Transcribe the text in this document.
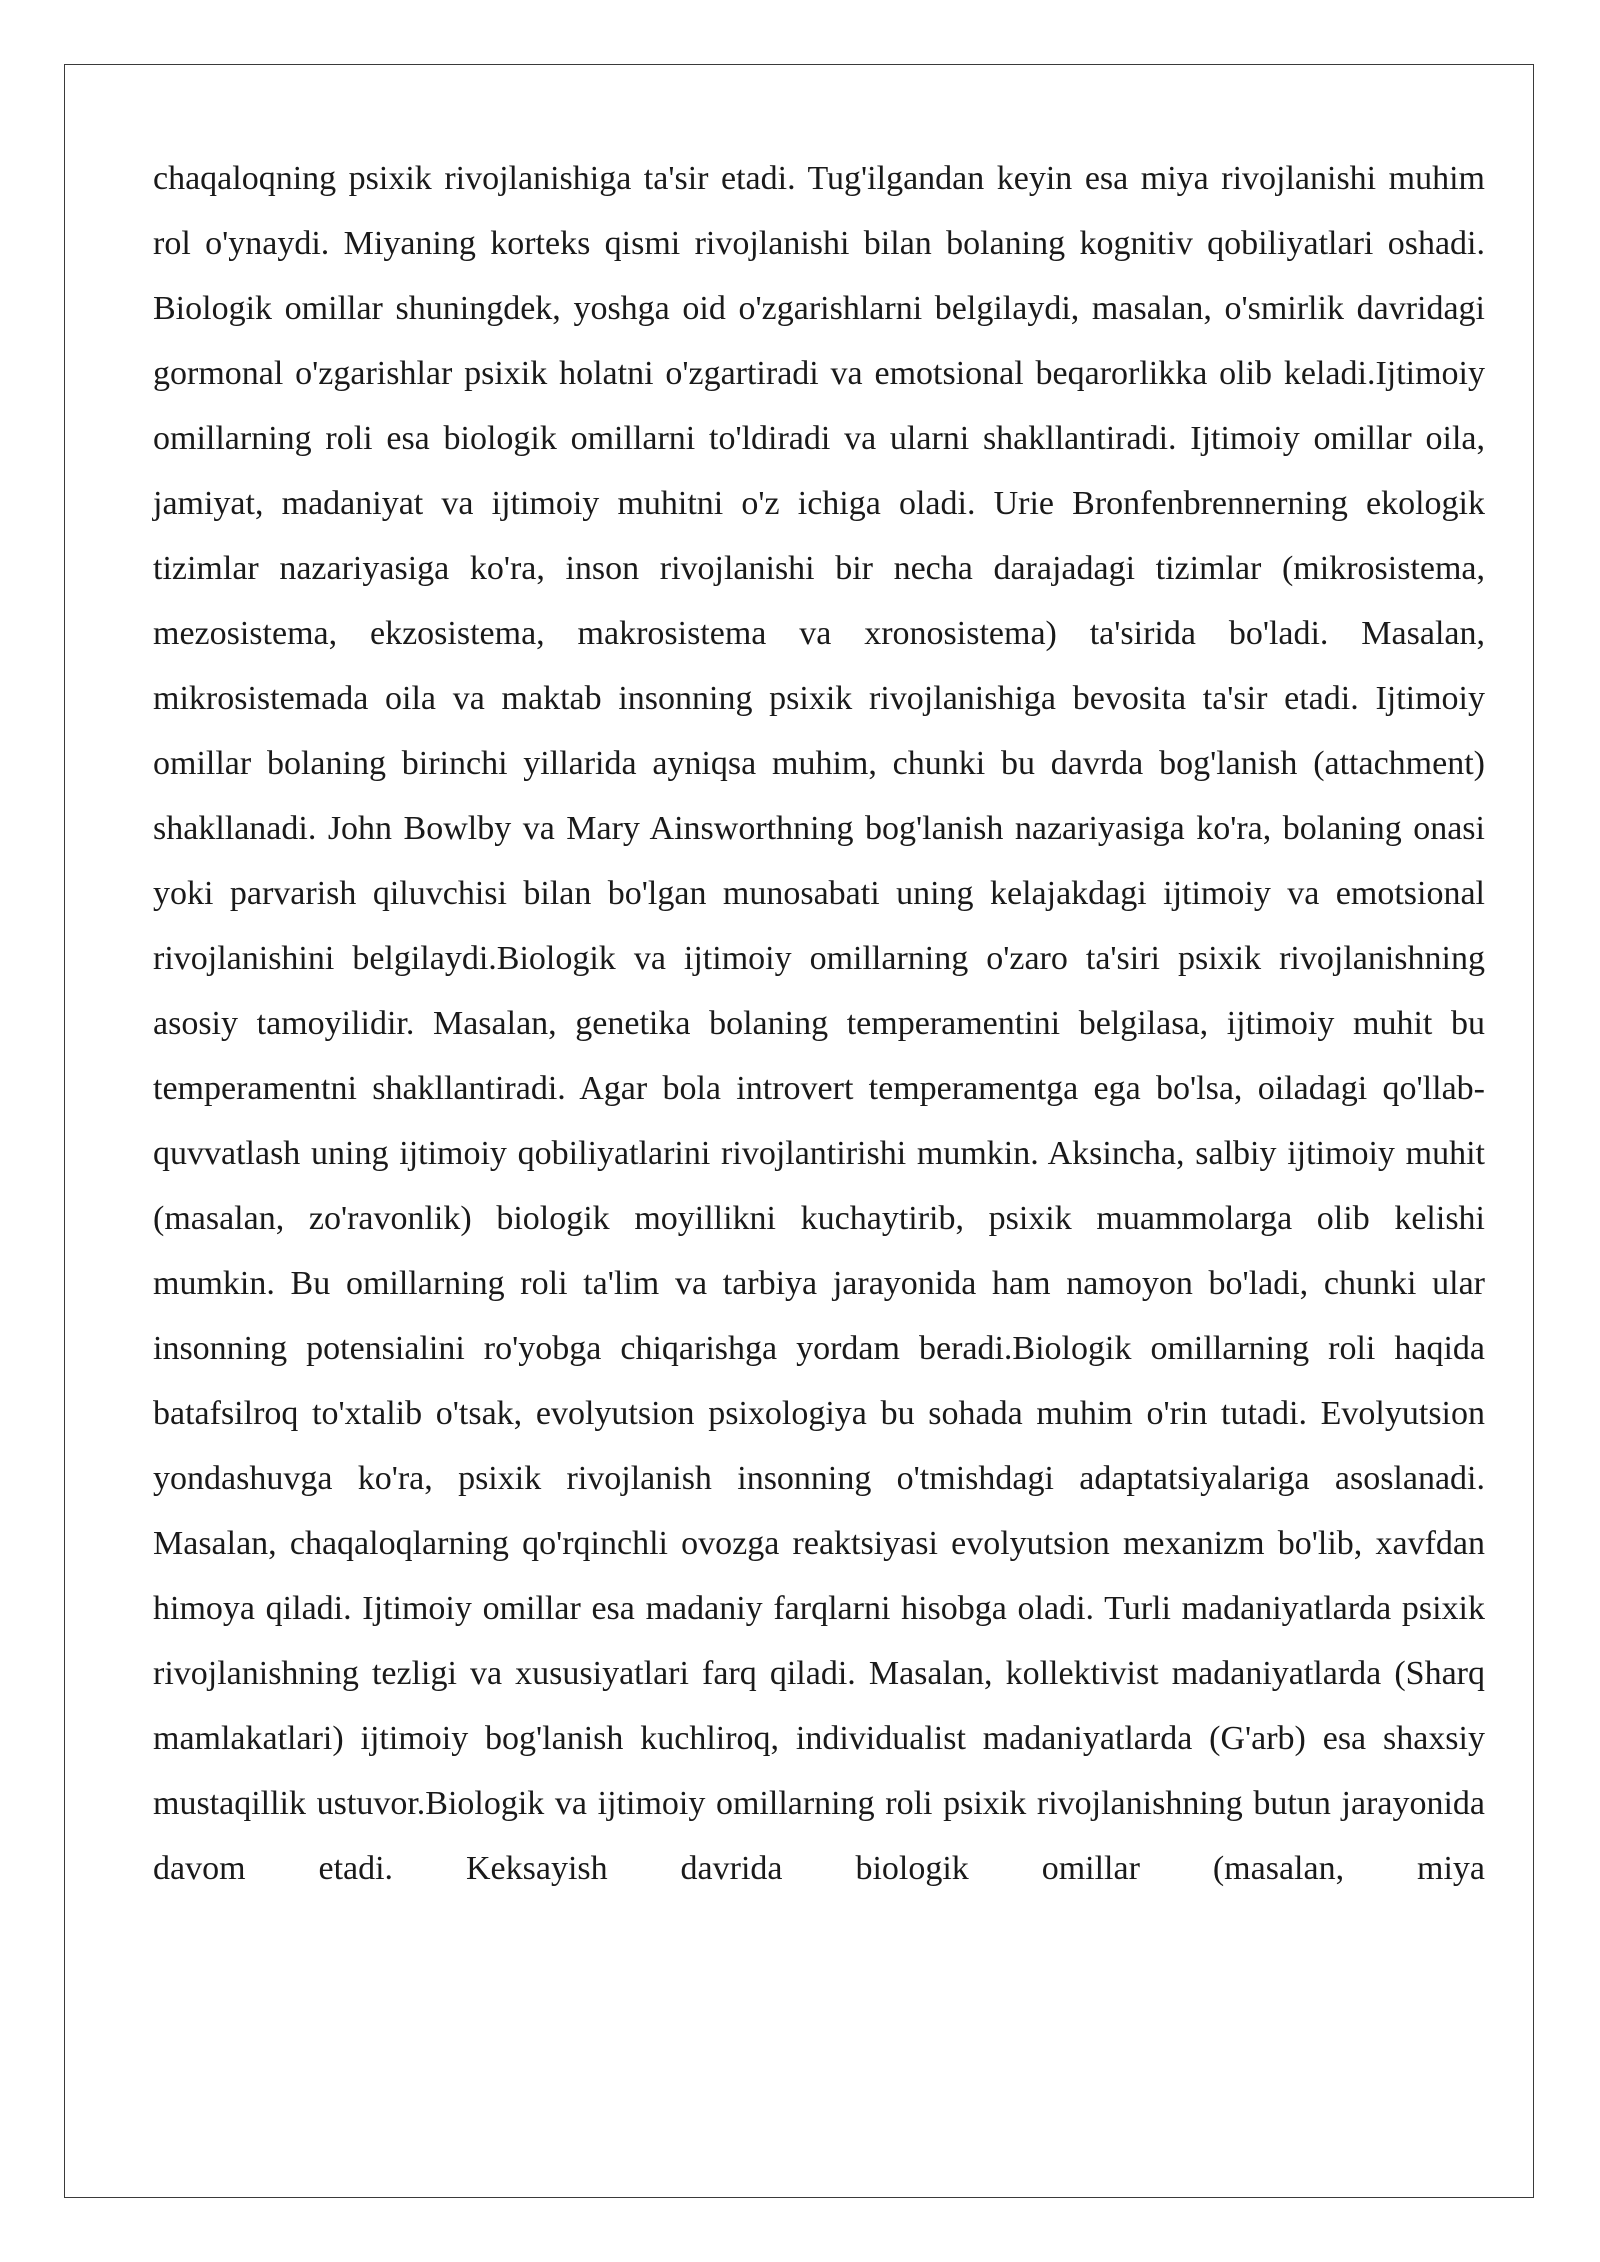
chaqaloqning psixik rivojlanishiga ta'sir etadi. Tug'ilgandan keyin esa miya rivojlanishi muhim rol o'ynaydi. Miyaning korteks qismi rivojlanishi bilan bolaning kognitiv qobiliyatlari oshadi. Biologik omillar shuningdek, yoshga oid o'zgarishlarni belgilaydi, masalan, o'smirlik davridagi gormonal o'zgarishlar psixik holatni o'zgartiradi va emotsional beqarorlikka olib keladi.Ijtimoiy omillarning roli esa biologik omillarni to'ldiradi va ularni shakllantiradi. Ijtimoiy omillar oila, jamiyat, madaniyat va ijtimoiy muhitni o'z ichiga oladi. Urie Bronfenbrennerning ekologik tizimlar nazariyasiga ko'ra, inson rivojlanishi bir necha darajadagi tizimlar (mikrosistema, mezosistema, ekzosistema, makrosistema va xronosistema) ta'sirida bo'ladi. Masalan, mikrosistemada oila va maktab insonning psixik rivojlanishiga bevosita ta'sir etadi. Ijtimoiy omillar bolaning birinchi yillarida ayniqsa muhim, chunki bu davrda bog'lanish (attachment) shakllanadi. John Bowlby va Mary Ainsworthning bog'lanish nazariyasiga ko'ra, bolaning onasi yoki parvarish qiluvchisi bilan bo'lgan munosabati uning kelajakdagi ijtimoiy va emotsional rivojlanishini belgilaydi.Biologik va ijtimoiy omillarning o'zaro ta'siri psixik rivojlanishning asosiy tamoyilidir. Masalan, genetika bolaning temperamentini belgilasa, ijtimoiy muhit bu temperamentni shakllantiradi. Agar bola introvert temperamentga ega bo'lsa, oiladagi qo'llab-quvvatlash uning ijtimoiy qobiliyatlarini rivojlantirishi mumkin. Aksincha, salbiy ijtimoiy muhit (masalan, zo'ravonlik) biologik moyillikni kuchaytirib, psixik muammolarga olib kelishi mumkin. Bu omillarning roli ta'lim va tarbiya jarayonida ham namoyon bo'ladi, chunki ular insonning potensialini ro'yobga chiqarishga yordam beradi.Biologik omillarning roli haqida batafsilroq to'xtalib o'tsak, evolyutsion psixologiya bu sohada muhim o'rin tutadi. Evolyutsion yondashuvga ko'ra, psixik rivojlanish insonning o'tmishdagi adaptatsiyalariga asoslanadi. Masalan, chaqaloqlarning qo'rqinchli ovozga reaktsiyasi evolyutsion mexanizm bo'lib, xavfdan himoya qiladi. Ijtimoiy omillar esa madaniy farqlarni hisobga oladi. Turli madaniyatlarda psixik rivojlanishning tezligi va xususiyatlari farq qiladi. Masalan, kollektivist madaniyatlarda (Sharq mamlakatlari) ijtimoiy bog'lanish kuchliroq, individualist madaniyatlarda (G'arb) esa shaxsiy mustaqillik ustuvor.Biologik va ijtimoiy omillarning roli psixik rivojlanishning butun jarayonida davom etadi. Keksayish davrida biologik omillar (masalan, miya
